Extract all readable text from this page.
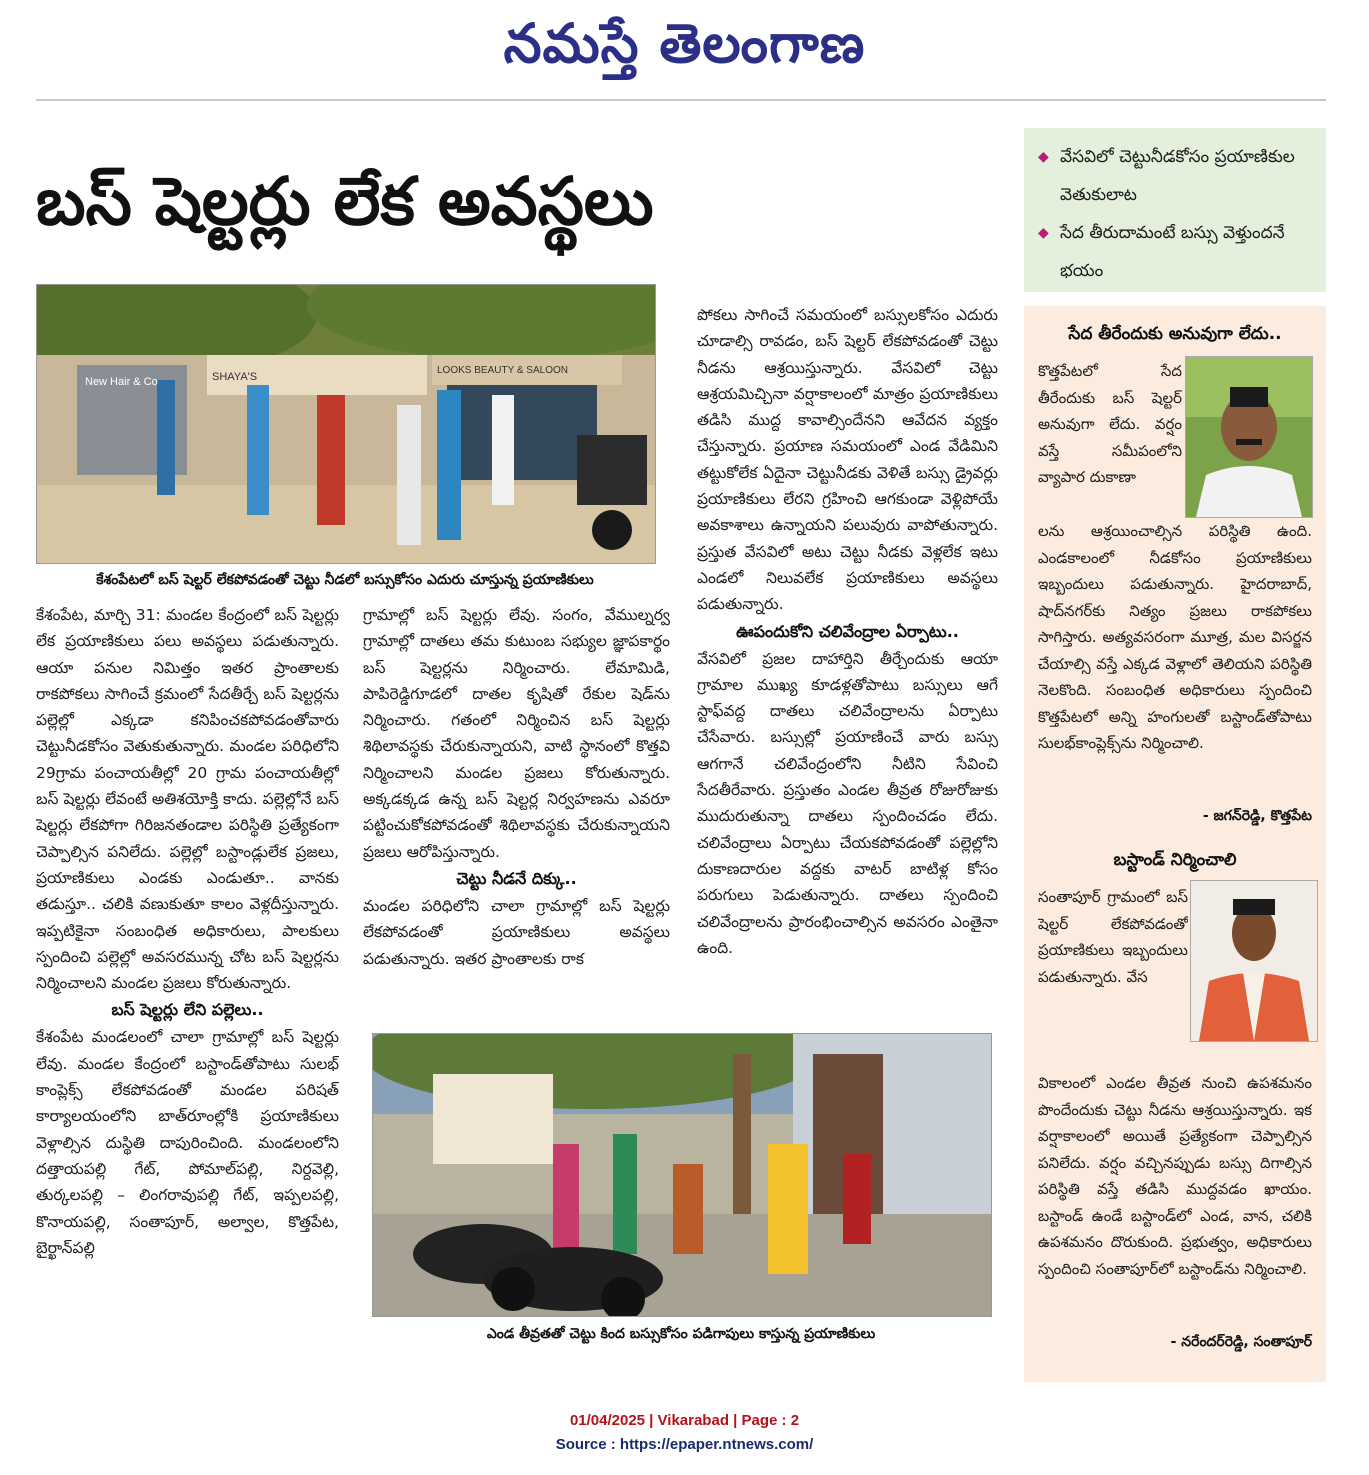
నమస్తే తెలంగాణ
బస్ షెల్టర్లు లేక అవస్థలు
◆ వేసవిలో చెట్టునీడకోసం ప్రయాణికుల వెతుకులాట
◆ సేద తీరుదామంటే బస్సు వెళ్తుందనే భయం
New Hair & Co	SHAYA'S
LOOKS BEAUTY & SALOON
కేశంపేటలో బస్ షెల్టర్ లేకపోవడంతో చెట్టు నీడలో బస్సుకోసం ఎదురు చూస్తున్న ప్రయాణికులు

కేశంపేట, మార్చి 31: మండల కేంద్రంలో బస్ షెల్టర్లు లేక ప్రయాణికులు పలు అవస్థలు పడుతున్నారు. ఆయా పనుల నిమిత్తం ఇతర ప్రాంతాలకు రాకపోకలు సాగించే క్రమంలో సేదతీర్చే బస్ షెల్టర్లను పల్లెల్లో ఎక్కడా కనిపించకపోవడంతోవారు చెట్టునీడకోసం వెతుకుతున్నారు. మండల పరిధిలోని 29గ్రామ పంచాయతీల్లో 20 గ్రామ పంచాయతీల్లో బస్ షెల్టర్లు లేవంటే అతిశయోక్తి కాదు. పల్లెల్లోనే బస్ షెల్టర్లు లేకపోగా గిరిజనతండాల పరిస్థితి ప్రత్యేకంగా చెప్పాల్సిన పనిలేదు. పల్లెల్లో బస్టాండ్లులేక ప్రజలు, ప్రయాణికులు ఎండకు ఎండుతూ.. వానకు తడుస్తూ.. చలికి వణుకుతూ కాలం వెళ్లదీస్తున్నారు. ఇప్పటికైనా సంబంధిత అధికారులు, పాలకులు స్పందించి పల్లెల్లో అవసరమున్న చోట బస్ షెల్టర్లను నిర్మించాలని మండల ప్రజలు కోరుతున్నారు.

బస్ షెల్టర్లు లేని పల్లెలు..

కేశంపేట మండలంలో చాలా గ్రామాల్లో బస్ షెల్టర్లు లేవు. మండల కేంద్రంలో బస్టాండ్‌తోపాటు సులభ్ కాంప్లెక్స్ లేకపోవడంతో మండల పరిషత్ కార్యాలయంలోని బాత్‌రూంల్లోకి ప్రయాణికులు వెళ్లాల్సిన దుస్థితి దాపురించింది. మండలంలోని దత్తాయపల్లి గేట్, పోమాల్‌పల్లి, నిర్దవెల్లి, తుర్కలపల్లి – లింగరావుపల్లి గేట్, ఇప్పలపల్లి, కొనాయపల్లి, సంతాపూర్, అల్వాల, కొత్తపేట, బైర్ఖాన్‌పల్లి

గ్రామాల్లో బస్ షెల్టర్లు లేవు. సంగం, వేముల్నర్వ గ్రామాల్లో దాతలు తమ కుటుంబ సభ్యుల జ్ఞాపకార్థం బస్ షెల్టర్లను నిర్మించారు. లేమామిడి, పాపిరెడ్డిగూడలో దాతల కృషితో రేకుల షెడ్‌ను నిర్మించారు. గతంలో నిర్మించిన బస్ షెల్టర్లు శిథిలావస్థకు చేరుకున్నాయని, వాటి స్థానంలో కొత్తవి నిర్మించాలని మండల ప్రజలు కోరుతున్నారు. అక్కడక్కడ ఉన్న బస్ షెల్టర్ల నిర్వహణను ఎవరూ పట్టించుకోకపోవడంతో శిథిలావస్థకు చేరుకున్నాయని ప్రజలు ఆరోపిస్తున్నారు.

చెట్టు నీడనే దిక్కు..

మండల పరిధిలోని చాలా గ్రామాల్లో బస్ షెల్టర్లు లేకపోవడంతో ప్రయాణికులు అవస్థలు పడుతున్నారు. ఇతర ప్రాంతాలకు రాక

పోకలు సాగించే సమయంలో బస్సులకోసం ఎదురు చూడాల్సి రావడం, బస్ షెల్టర్ లేకపోవడంతో చెట్టు నీడను ఆశ్రయిస్తున్నారు. వేసవిలో చెట్టు ఆశ్రయమిచ్చినా వర్షాకాలంలో మాత్రం ప్రయాణికులు తడిసి ముద్ద కావాల్సిందేనని ఆవేదన వ్యక్తం చేస్తున్నారు. ప్రయాణ సమయంలో ఎండ వేడిమిని తట్టుకోలేక ఏదైనా చెట్టునీడకు వెళితే బస్సు డ్రైవర్లు ప్రయాణికులు లేరని గ్రహించి ఆగకుండా వెళ్లిపోయే అవకాశాలు ఉన్నాయని పలువురు వాపోతున్నారు. ప్రస్తుత వేసవిలో అటు చెట్టు నీడకు వెళ్లలేక ఇటు ఎండలో నిలువలేక ప్రయాణికులు అవస్థలు పడుతున్నారు.

ఊపందుకోని చలివేంద్రాల ఏర్పాటు..

వేసవిలో ప్రజల దాహార్తిని తీర్చేందుకు ఆయా గ్రామాల ముఖ్య కూడళ్లతోపాటు బస్సులు ఆగే స్టాఫ్‌వద్ద దాతలు చలివేంద్రాలను ఏర్పాటు చేసేవారు. బస్సుల్లో ప్రయాణించే వారు బస్సు ఆగగానే చలివేంద్రంలోని నీటిని సేవించి సేదతీరేవారు. ప్రస్తుతం ఎండల తీవ్రత రోజురోజుకు ముదురుతున్నా దాతలు స్పందించడం లేదు. చలివేంద్రాలు ఏర్పాటు చేయకపోవడంతో పల్లెల్లోని దుకాణదారుల వద్దకు వాటర్ బాటిళ్ల కోసం పరుగులు పెడుతున్నారు. దాతలు స్పందించి చలివేంద్రాలను ప్రారంభించాల్సిన అవసరం ఎంతైనా ఉంది.

ఎండ తీవ్రతతో చెట్టు కింద బస్సుకోసం పడిగాపులు కాస్తున్న ప్రయాణికులు
సేద తీరేందుకు అనువుగా లేదు..
కొత్తపేటలో సేద తీరేందుకు బస్ షెల్టర్ అనువుగా లేదు. వర్షం వస్తే సమీపంలోని వ్యాపార దుకాణా
లను ఆశ్రయించాల్సిన పరిస్థితి ఉంది. ఎండకాలంలో నీడకోసం ప్రయాణికులు ఇబ్బందులు పడుతున్నారు. హైదరాబాద్, షాద్‌నగర్‌కు నిత్యం ప్రజలు రాకపోకలు సాగిస్తారు. అత్యవసరంగా మూత్ర, మల విసర్జన చేయాల్సి వస్తే ఎక్కడ వెళ్లాలో తెలియని పరిస్థితి నెలకొంది. సంబంధిత అధికారులు స్పందించి కొత్తపేటలో అన్ని హంగులతో బస్టాండ్‌తోపాటు సులభ్‌కాంప్లెక్స్‌ను నిర్మించాలి.
- జగన్‌రెడ్డి, కొత్తపేట
బస్టాండ్ నిర్మించాలి
సంతాపూర్ గ్రామంలో బస్ షెల్టర్ లేకపోవడంతో ప్రయాణికులు ఇబ్బందులు పడుతున్నారు. వేస
వికాలంలో ఎండల తీవ్రత నుంచి ఉపశమనం పొందేందుకు చెట్టు నీడను ఆశ్రయిస్తున్నారు. ఇక వర్షాకాలంలో అయితే ప్రత్యేకంగా చెప్పాల్సిన పనిలేదు. వర్షం వచ్చినప్పుడు బస్సు దిగాల్సిన పరిస్థితి వస్తే తడిసి ముద్దవడం ఖాయం. బస్టాండ్ ఉండే బస్టాండ్‌లో ఎండ, వాన, చలికి ఉపశమనం దొరుకుంది. ప్రభుత్వం, అధికారులు స్పందించి సంతాపూర్‌లో బస్టాండ్‌ను నిర్మించాలి.
- నరేందర్‌రెడ్డి, సంతాపూర్
01/04/2025 | Vikarabad | Page : 2
Source : https://epaper.ntnews.com/
